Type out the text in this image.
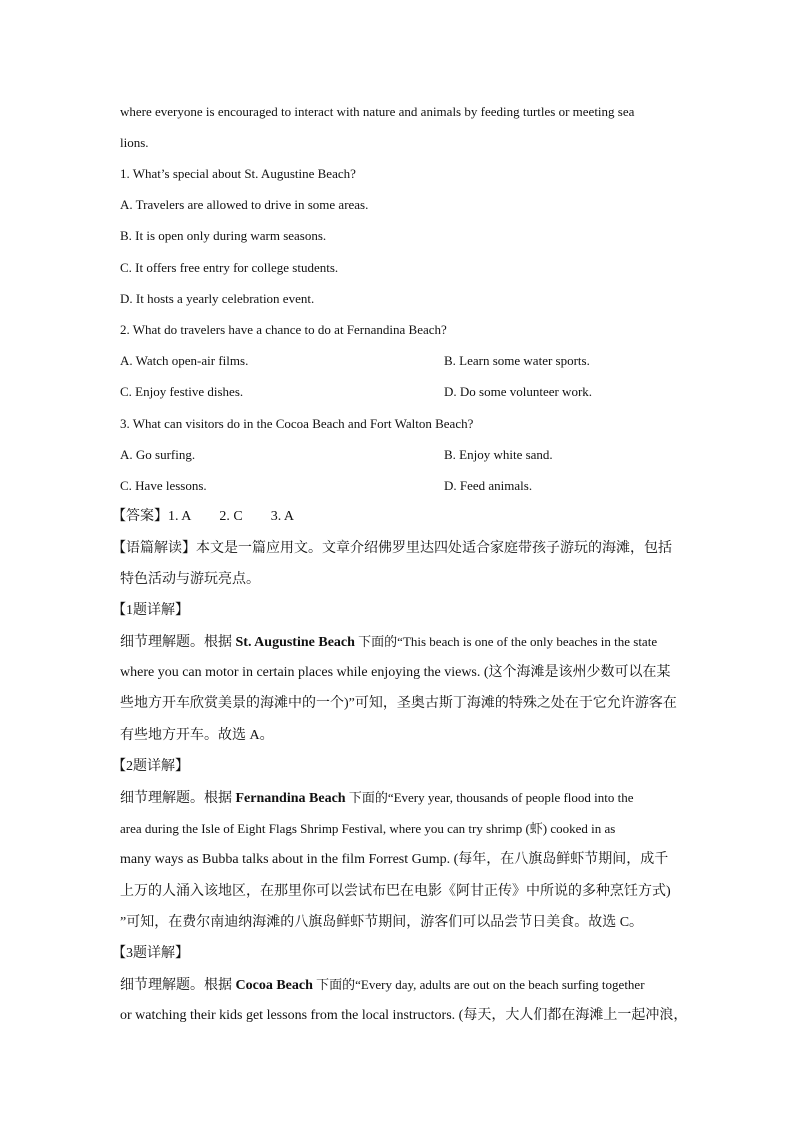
where everyone is encouraged to interact with nature and animals by feeding turtles or meeting sea
lions.
1. What’s special about St. Augustine Beach?
A. Travelers are allowed to drive in some areas.
B. It is open only during warm seasons.
C. It offers free entry for college students.
D. It hosts a yearly celebration event.
2. What do travelers have a chance to do at Fernandina Beach?
A. Watch open-air films.	B. Learn some water sports.
C. Enjoy festive dishes.	D. Do some volunteer work.
3. What can visitors do in the Cocoa Beach and Fort Walton Beach?
A. Go surfing.	B. Enjoy white sand.
C. Have lessons.	D. Feed animals.
【答案】1. A 2. C 3. A
【语篇解读】本文是一篇应用文。文章介绍佛罗里达四处适合家庭带孩子游玩的海滩，包括
特色活动与游玩亮点。
【1题详解】
细节理解题。根据 St. Augustine Beach 下面的“This beach is one of the only beaches in the state
where you can motor in certain places while enjoying the views. (这个海滩是该州少数可以在某
些地方开车欣赏美景的海滩中的一个)”可知，圣奥古斯丁海滩的特殊之处在于它允许游客在
有些地方开车。故选 A。
【2题详解】
细节理解题。根据 Fernandina Beach 下面的“Every year, thousands of people flood into the
area during the Isle of Eight Flags Shrimp Festival, where you can try shrimp (虾) cooked in as
many ways as Bubba talks about in the film Forrest Gump. (每年，在八旗岛鲜虾节期间，成千
上万的人涌入该地区，在那里你可以尝试布巴在电影《阿甘正传》中所说的多种烹饪方式)
”可知，在费尔南迪纳海滩的八旗岛鲜虾节期间，游客们可以品尝节日美食。故选 C。
【3题详解】
细节理解题。根据 Cocoa Beach 下面的“Every day, adults are out on the beach surfing together
or watching their kids get lessons from the local instructors. (每天，大人们都在海滩上一起冲浪，
